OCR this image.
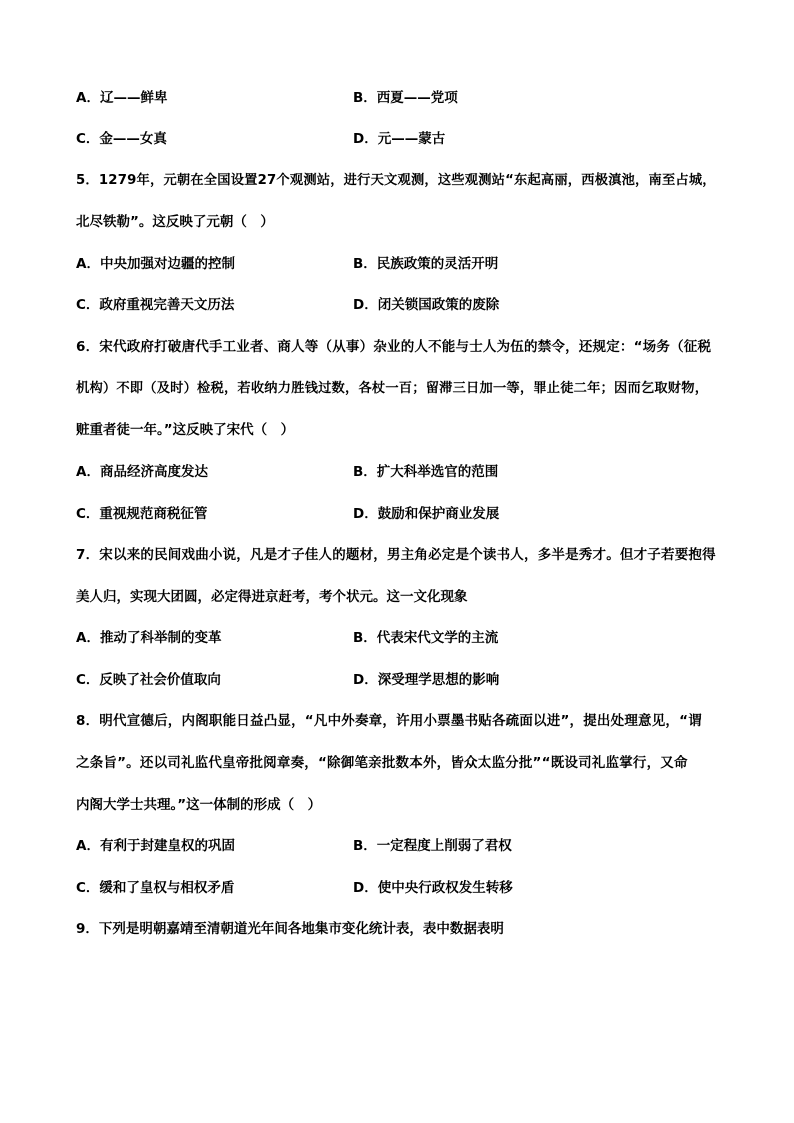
A．辽——鲜卑	B．西夏——党项
C．金——女真	D．元——蒙古
5．1279年，元朝在全国设置27个观测站，进行天文观测，这些观测站“东起高丽，西极滇池，南至占城，
北尽铁勒”。这反映了元朝（　）
A．中央加强对边疆的控制	B．民族政策的灵活开明
C．政府重视完善天文历法	D．闭关锁国政策的废除
6．宋代政府打破唐代手工业者、商人等（从事）杂业的人不能与士人为伍的禁令，还规定：“场务（征税
机构）不即（及时）检税，若收纳力胜钱过数，各杖一百；留滞三日加一等，罪止徒二年；因而乞取财物，
赃重者徒一年。”这反映了宋代（　）
A．商品经济高度发达	B．扩大科举选官的范围
C．重视规范商税征管	D．鼓励和保护商业发展
7．宋以来的民间戏曲小说，凡是才子佳人的题材，男主角必定是个读书人，多半是秀才。但才子若要抱得
美人归，实现大团圆，必定得进京赶考，考个状元。这一文化现象
A．推动了科举制的变革	B．代表宋代文学的主流
C．反映了社会价值取向	D．深受理学思想的影响
8．明代宣德后，内阁职能日益凸显，“凡中外奏章，许用小票墨书贴各疏面以进”，提出处理意见，“谓
之条旨”。还以司礼监代皇帝批阅章奏，“除御笔亲批数本外，皆众太监分批”“既设司礼监掌行，又命
内阁大学士共理。”这一体制的形成（　）
A．有利于封建皇权的巩固	B．一定程度上削弱了君权
C．缓和了皇权与相权矛盾	D．使中央行政权发生转移
9．下列是明朝嘉靖至清朝道光年间各地集市变化统计表，表中数据表明
